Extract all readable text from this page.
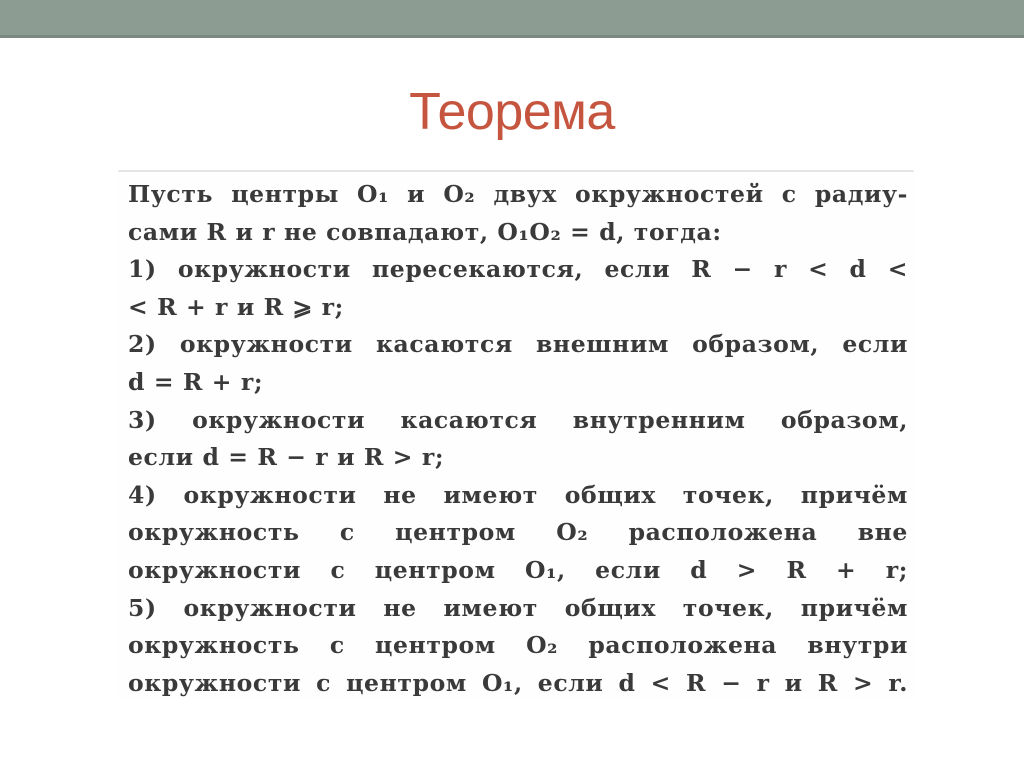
Теорема
Пусть центры O₁ и O₂ двух окружностей с радиу-
сами R и r не совпадают, O₁O₂ = d, тогда:
1) окружности пересекаются, если R − r < d <
< R + r и R ⩾ r;
2) окружности касаются внешним образом, если
d = R + r;
3) окружности касаются внутренним образом,
если d = R − r и R > r;
4) окружности не имеют общих точек, причём
окружность с центром O₂ расположена вне
окружности с центром O₁, если d > R + r;
5) окружности не имеют общих точек, причём
окружность с центром O₂ расположена внутри
окружности с центром O₁, если d < R − r и R > r.
